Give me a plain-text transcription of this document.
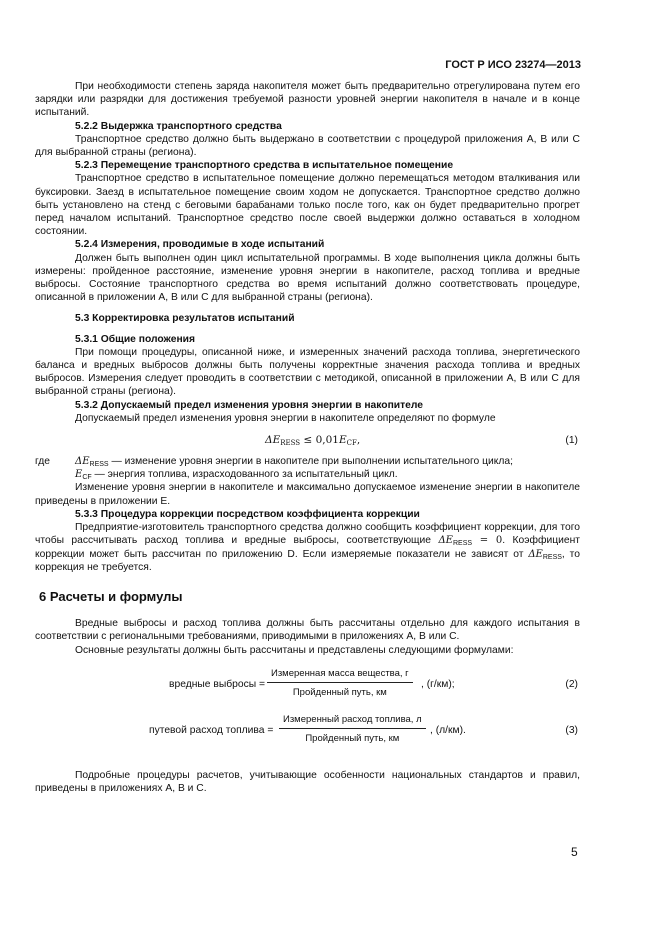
ГОСТ Р ИСО 23274—2013

При необходимости степень заряда накопителя может быть предварительно отрегулирована путем его зарядки или разрядки для достижения требуемой разности уровней энергии накопителя в начале и в конце испытаний.

5.2.2 Выдержка транспортного средства

Транспортное средство должно быть выдержано в соответствии с процедурой приложения А, В или С для выбранной страны (региона).

5.2.3 Перемещение транспортного средства в испытательное помещение

Транспортное средство в испытательное помещение должно перемещаться методом вталкивания или буксировки. Заезд в испытательное помещение своим ходом не допускается. Транспортное средство должно быть установлено на стенд с беговыми барабанами только после того, как он будет предварительно прогрет перед началом испытаний. Транспортное средство после своей выдержки должно оставаться в холодном состоянии.

5.2.4 Измерения, проводимые в ходе испытаний

Должен быть выполнен один цикл испытательной программы. В ходе выполнения цикла должны быть измерены: пройденное расстояние, изменение уровня энергии в накопителе, расход топлива и вредные выбросы. Состояние транспортного средства во время испытаний должно соответствовать процедуре, описанной в приложении А, В или С для выбранной страны (региона).

5.3 Корректировка результатов испытаний

5.3.1 Общие положения

При помощи процедуры, описанной ниже, и измеренных значений расхода топлива, энергетического баланса и вредных выбросов должны быть получены корректные значения расхода топлива и вредных выбросов. Измерения следует проводить в соответствии с методикой, описанной в приложении А, В или С для выбранной страны (региона).

5.3.2 Допускаемый предел изменения уровня энергии в накопителе

Допускаемый предел изменения уровня энергии в накопителе определяют по формуле

$\Delta E_{RESS} \le 0,01E_{CF}$,	(1)
где	$\Delta E_{RESS}$ — изменение уровня энергии в накопителе при выполнении испытательного цикла;
$E_{CF}$ — энергия топлива, израсходованного за испытательный цикл.

Изменение уровня энергии в накопителе и максимально допускаемое изменение энергии в накопителе приведены в приложении Е.

5.3.3 Процедура коррекции посредством коэффициента коррекции

Предприятие-изготовитель транспортного средства должно сообщить коэффициент коррекции, для того чтобы рассчитывать расход топлива и вредные выбросы, соответствующие $\Delta E_{RESS} = 0$. Коэффициент коррекции может быть рассчитан по приложению D. Если измеряемые показатели не зависят от $\Delta E_{RESS}$, то коррекция не требуется.

6 Расчеты и формулы

Вредные выбросы и расход топлива должны быть рассчитаны отдельно для каждого испытания в соответствии с региональными требованиями, приводимыми в приложениях А, В или С.

Основные результаты должны быть рассчитаны и представлены следующими формулами:

вредные выбросы =
Измеренная масса вещества, г
Пройденный путь, км
, (г/км);	(2)
путевой расход топлива =
Измеренный расход топлива, л
Пройденный путь, км
, (л/км).	(3)

Подробные процедуры расчетов, учитывающие особенности национальных стандартов и правил, приведены в приложениях А, В и С.

5
